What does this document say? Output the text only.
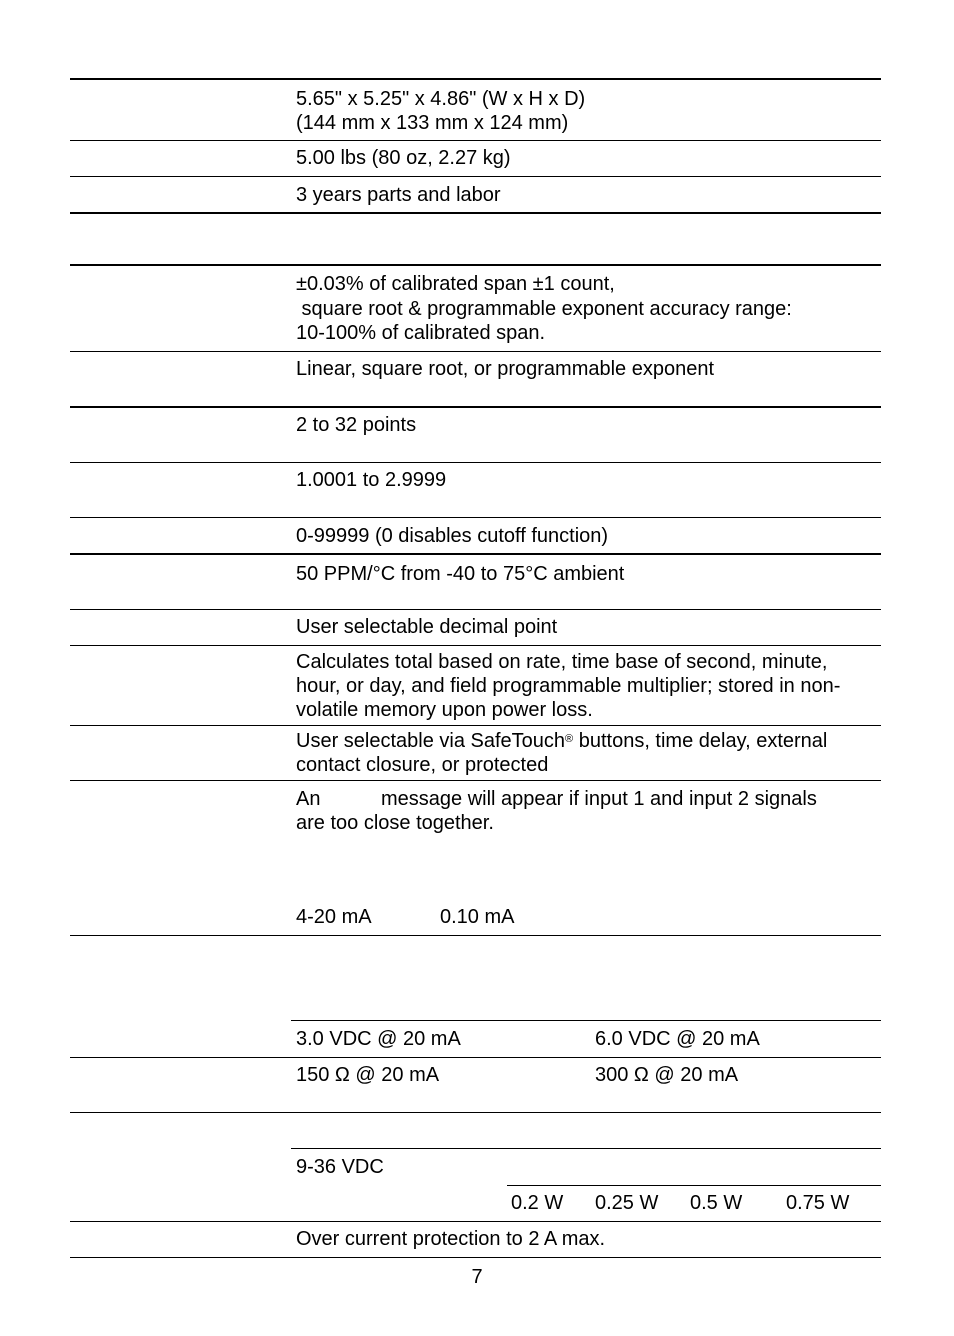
5.65" x 5.25" x 4.86" (W x H x D)
(144 mm x 133 mm x 124 mm)
5.00 lbs (80 oz, 2.27 kg)
3 years parts and labor
±0.03% of calibrated span ±1 count,
square root & programmable exponent accuracy range:
10-100% of calibrated span.
Linear, square root, or programmable exponent
2 to 32 points
1.0001 to 2.9999
0-99999 (0 disables cutoff function)
50 PPM/°C from -40 to 75°C ambient
User selectable decimal point
Calculates total based on rate, time base of second, minute,
hour, or day, and field programmable multiplier; stored in non-
volatile memory upon power loss.
User selectable via SafeTouch® buttons, time delay, external
contact closure, or protected
An	message will appear if input 1 and input 2 signals
are too close together.
4-20 mA	0.10 mA
3.0 VDC @ 20 mA	6.0 VDC @ 20 mA
150 Ω @ 20 mA	300 Ω @ 20 mA
9-36 VDC
0.2 W 0.25 W 0.5 W 0.75 W
Over current protection to 2 A max.
7
